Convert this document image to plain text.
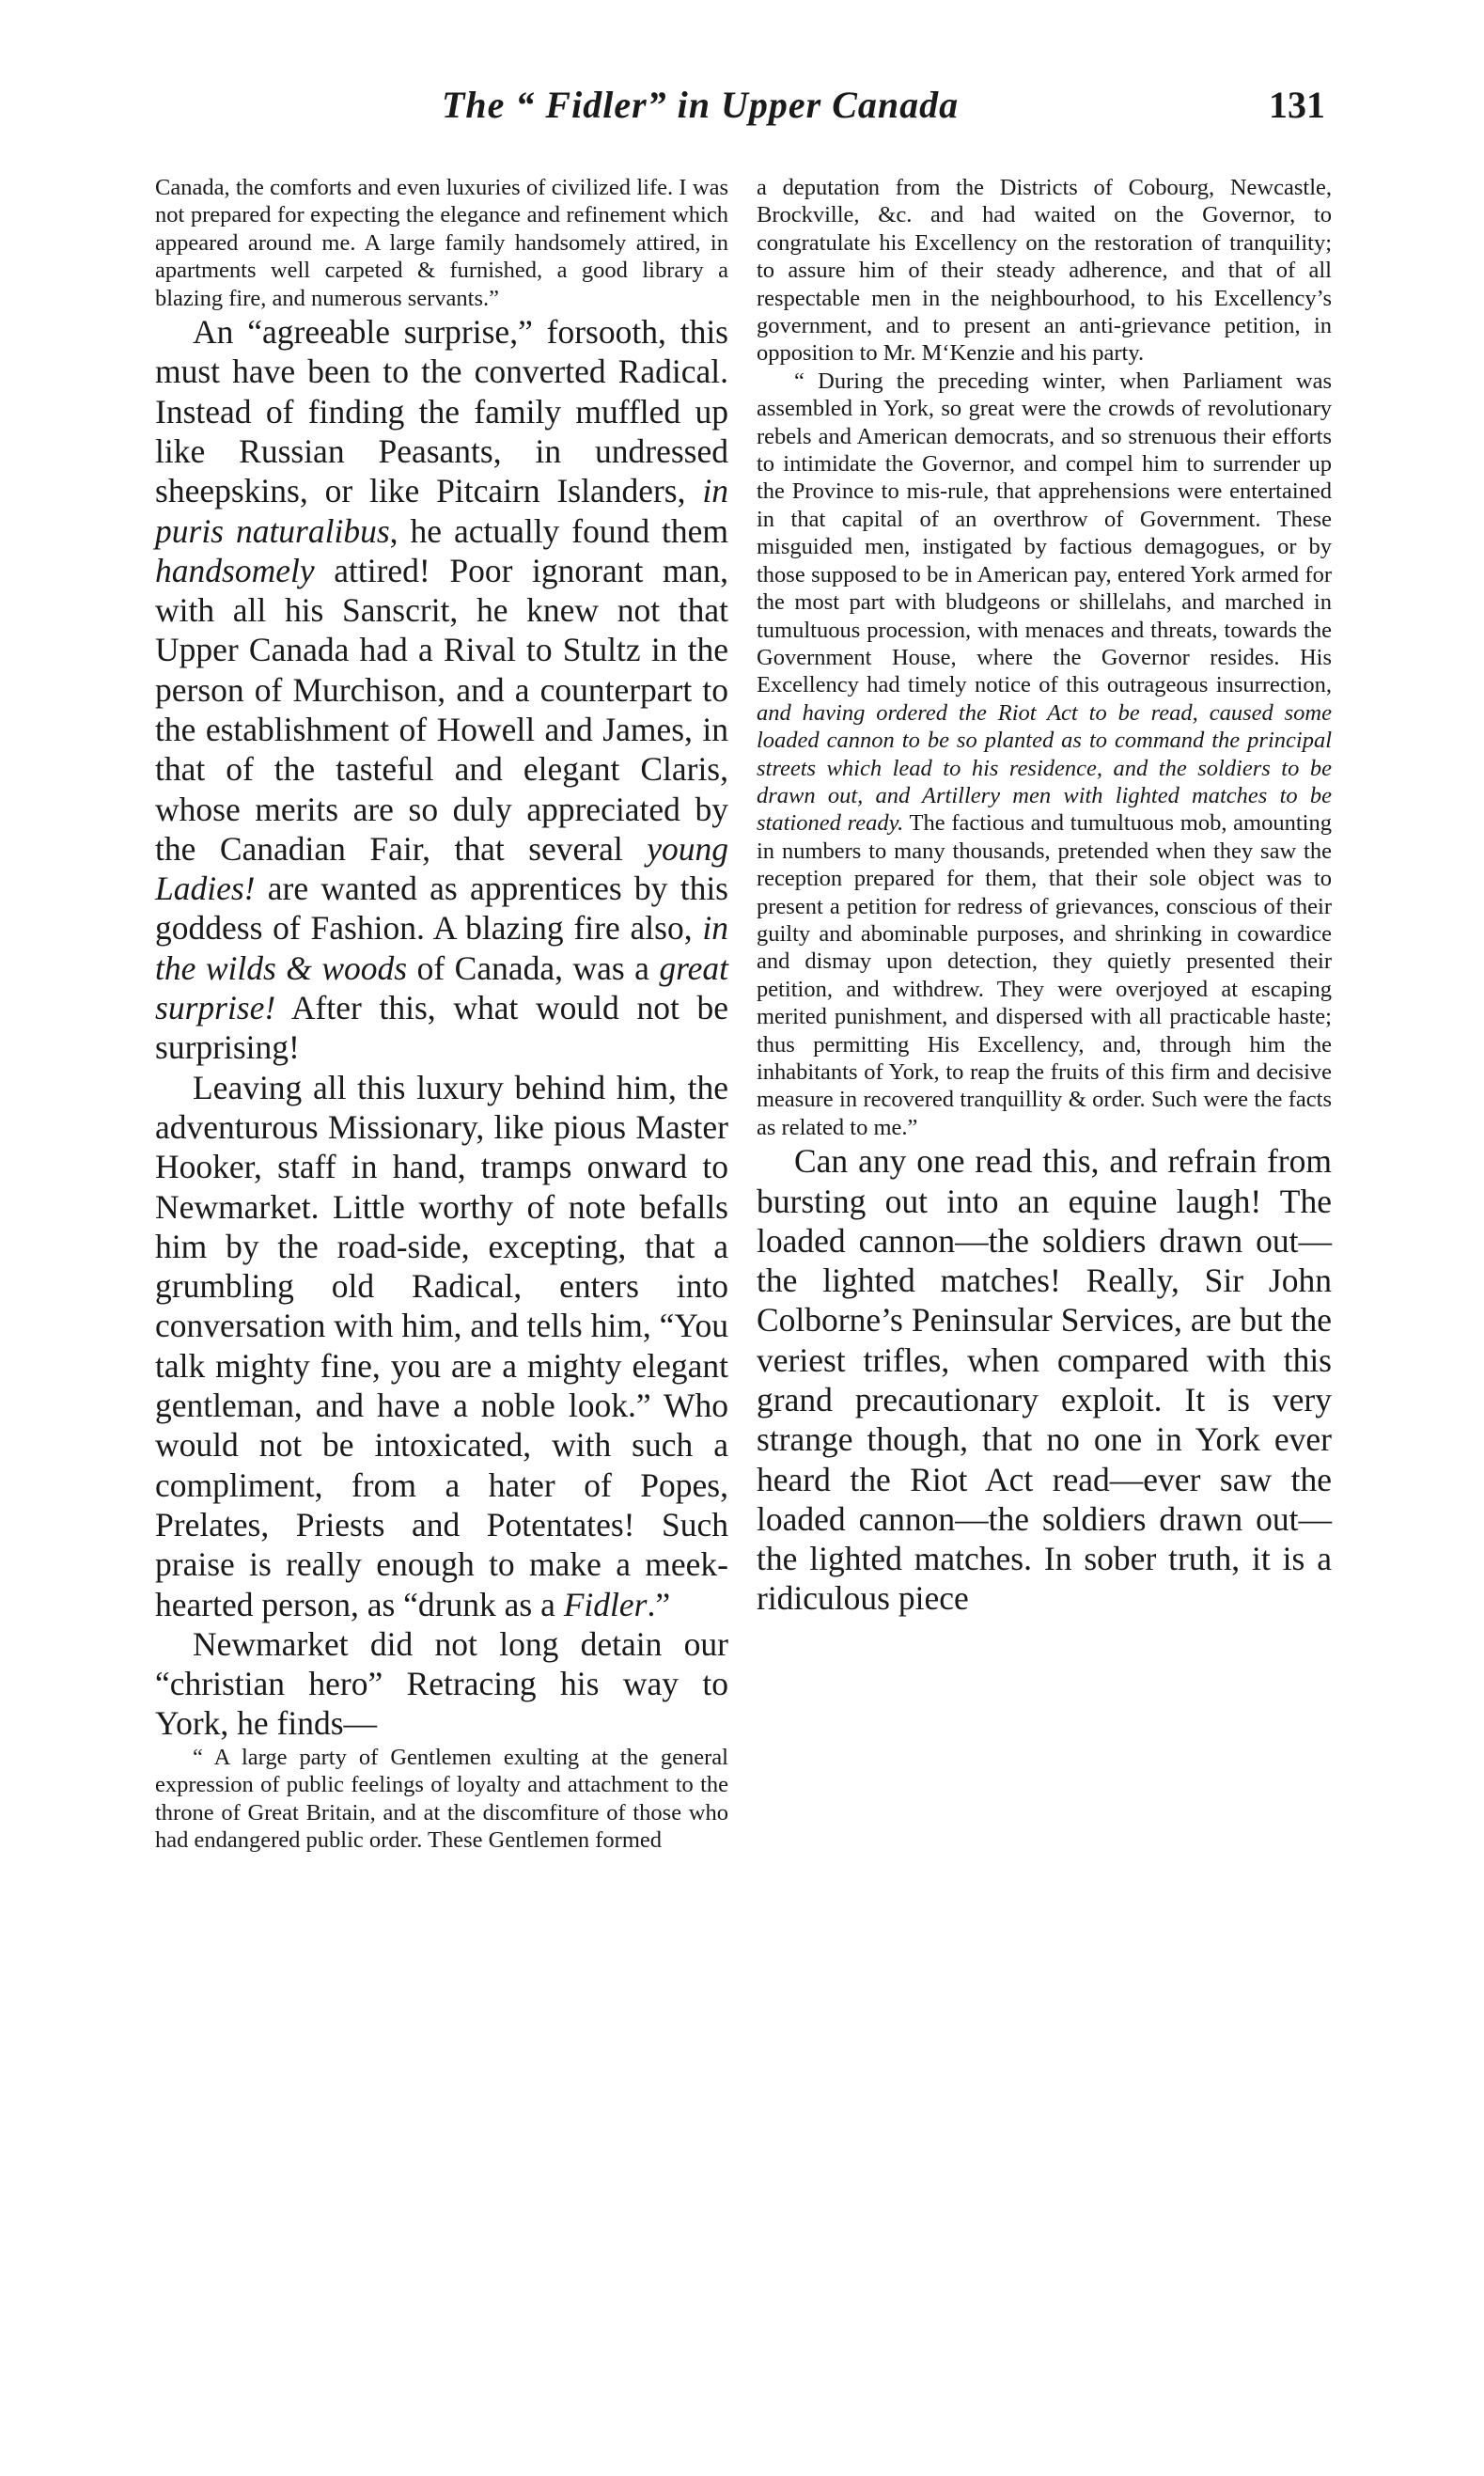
The “ Fidler” in Upper Canada	131

Canada, the comforts and even luxuries of civilized life. I was not prepared for expecting the elegance and refinement which appeared around me. A large family handsomely attired, in apartments well carpeted & furnished, a good library a blazing fire, and numerous servants.”

An “agreeable surprise,” forsooth, this must have been to the converted Radical. Instead of finding the family muffled up like Russian Peasants, in undressed sheepskins, or like Pitcairn Islanders, in puris naturalibus, he actually found them handsomely attired! Poor ignorant man, with all his Sanscrit, he knew not that Upper Canada had a Rival to Stultz in the person of Murchison, and a counterpart to the establishment of Howell and James, in that of the tasteful and elegant Claris, whose merits are so duly appreciated by the Canadian Fair, that several young Ladies! are wanted as apprentices by this goddess of Fashion. A blazing fire also, in the wilds & woods of Canada, was a great surprise! After this, what would not be surprising!

Leaving all this luxury behind him, the adventurous Missionary, like pious Master Hooker, staff in hand, tramps onward to Newmarket. Little worthy of note befalls him by the road-side, excepting, that a grumbling old Radical, enters into conversation with him, and tells him, “You talk mighty fine, you are a mighty elegant gentleman, and have a noble look.” Who would not be intoxicated, with such a compliment, from a hater of Popes, Prelates, Priests and Potentates! Such praise is really enough to make a meek-hearted person, as “drunk as a Fidler.”

Newmarket did not long detain our “christian hero” Retracing his way to York, he finds—

“ A large party of Gentlemen exulting at the general expression of public feelings of loyalty and attachment to the throne of Great Britain, and at the discomfiture of those who had endangered public order. These Gentlemen formed

a deputation from the Districts of Cobourg, Newcastle, Brockville, &c. and had waited on the Governor, to congratulate his Excellency on the restoration of tranquility; to assure him of their steady adherence, and that of all respectable men in the neighbourhood, to his Excellency’s government, and to present an anti-grievance petition, in opposition to Mr. M‘Kenzie and his party.

“ During the preceding winter, when Parliament was assembled in York, so great were the crowds of revolutionary rebels and American democrats, and so strenuous their efforts to intimidate the Governor, and compel him to surrender up the Province to mis-rule, that apprehensions were entertained in that capital of an overthrow of Government. These misguided men, instigated by factious demagogues, or by those supposed to be in American pay, entered York armed for the most part with bludgeons or shillelahs, and marched in tumultuous procession, with menaces and threats, towards the Government House, where the Governor resides. His Excellency had timely notice of this outrageous insurrection, and having ordered the Riot Act to be read, caused some loaded cannon to be so planted as to command the principal streets which lead to his residence, and the soldiers to be drawn out, and Artillery men with lighted matches to be stationed ready. The factious and tumultuous mob, amounting in numbers to many thousands, pretended when they saw the reception prepared for them, that their sole object was to present a petition for redress of grievances, conscious of their guilty and abominable purposes, and shrinking in cowardice and dismay upon detection, they quietly presented their petition, and withdrew. They were overjoyed at escaping merited punishment, and dispersed with all practicable haste; thus permitting His Excellency, and, through him the inhabitants of York, to reap the fruits of this firm and decisive measure in recovered tranquillity & order. Such were the facts as related to me.”

Can any one read this, and refrain from bursting out into an equine laugh! The loaded cannon—the soldiers drawn out—the lighted matches! Really, Sir John Colborne’s Peninsular Services, are but the veriest trifles, when compared with this grand precautionary exploit. It is very strange though, that no one in York ever heard the Riot Act read—ever saw the loaded cannon—the soldiers drawn out—the lighted matches. In sober truth, it is a ridiculous piece
